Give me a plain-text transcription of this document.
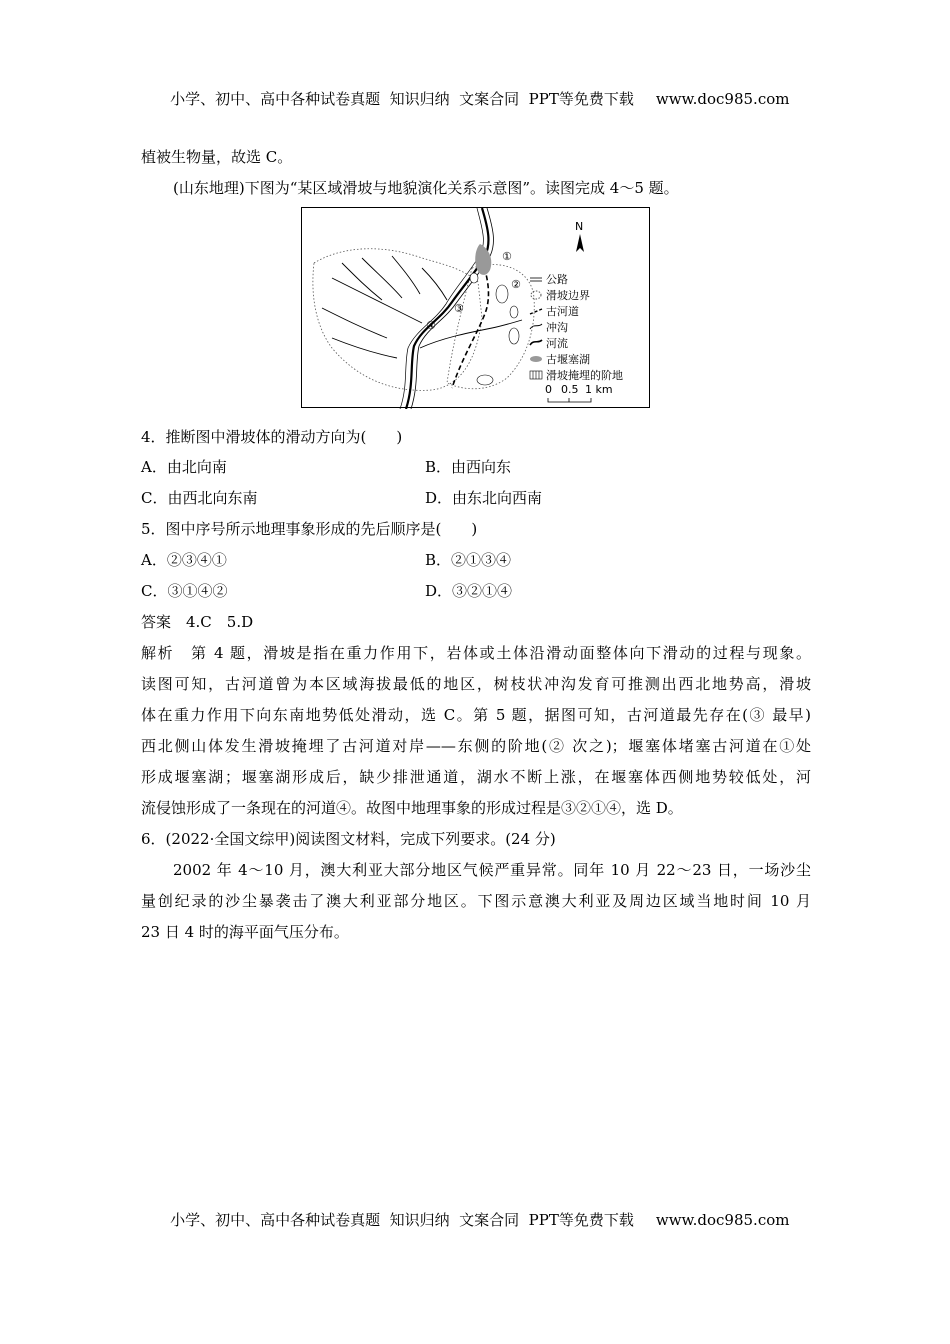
小学、初中、高中各种试卷真题  知识归纳  文案合同  PPT等免费下载 www.doc985.com

植被生物量，故选 C。
(山东地理)下图为“某区域滑坡与地貌演化关系示意图”。读图完成 4～5 题。
①
②
③
④
N
公路
滑坡边界
古河道
冲沟
河流
古堰塞湖
滑坡掩埋的阶地
0 0.5 1 km
4．推断图中滑坡体的滑动方向为(　　)
A．由北向南	B．由西向东
C．由西北向东南	D．由东北向西南
5．图中序号所示地理事象形成的先后顺序是(　　)
A．②③④①	B．②①③④
C．③①④②	D．③②①④
答案　4.C　5.D
解析　第 4 题，滑坡是指在重力作用下，岩体或土体沿滑动面整体向下滑动的过程与现象。
读图可知，古河道曾为本区域海拔最低的地区，树枝状冲沟发育可推测出西北地势高，滑坡
体在重力作用下向东南地势低处滑动，选 C。第 5 题，据图可知，古河道最先存在(③ 最早)
西北侧山体发生滑坡掩埋了古河道对岸——东侧的阶地(② 次之)；堰塞体堵塞古河道在①处
形成堰塞湖；堰塞湖形成后，缺少排泄通道，湖水不断上涨，在堰塞体西侧地势较低处，河
流侵蚀形成了一条现在的河道④。故图中地理事象的形成过程是③②①④，选 D。
6．(2022·全国文综甲)阅读图文材料，完成下列要求。(24 分)
2002 年 4～10 月，澳大利亚大部分地区气候严重异常。同年 10 月 22～23 日，一场沙尘
量创纪录的沙尘暴袭击了澳大利亚部分地区。下图示意澳大利亚及周边区域当地时间 10 月
23 日 4 时的海平面气压分布。

小学、初中、高中各种试卷真题  知识归纳  文案合同  PPT等免费下载 www.doc985.com
